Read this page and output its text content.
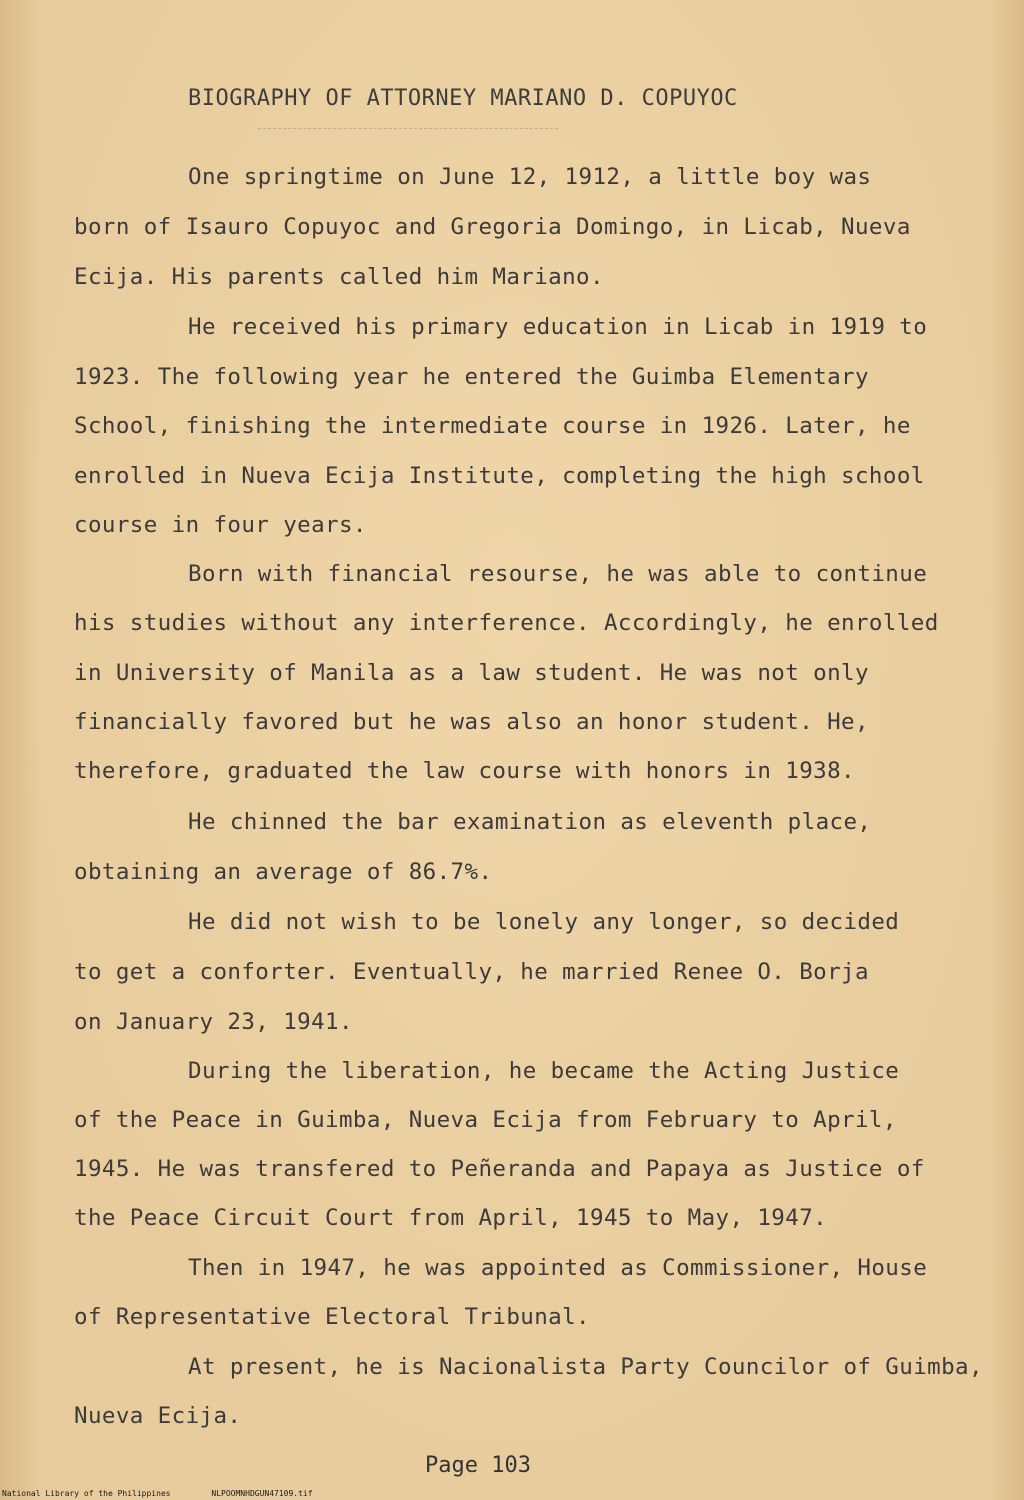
BIOGRAPHY OF ATTORNEY MARIANO D. COPUYOC
One springtime on June 12, 1912, a little boy was
born of Isauro Copuyoc and Gregoria Domingo, in Licab, Nueva
Ecija. His parents called him Mariano.
He received his primary education in Licab in 1919 to
1923. The following year he entered the Guimba Elementary
School, finishing the intermediate course in 1926. Later, he
enrolled in Nueva Ecija Institute, completing the high school
course in four years.
Born with financial resourse, he was able to continue
his studies without any interference. Accordingly, he enrolled
in University of Manila as a law student. He was not only
financially favored but he was also an honor student. He,
therefore, graduated the law course with honors in 1938.
He chinned the bar examination as eleventh place,
obtaining an average of 86.7%.
He did not wish to be lonely any longer, so decided
to get a conforter. Eventually, he married Renee O. Borja
on January 23, 1941.
During the liberation, he became the Acting Justice
of the Peace in Guimba, Nueva Ecija from February to April,
1945. He was transfered to Peñeranda and Papaya as Justice of
the Peace Circuit Court from April, 1945 to May, 1947.
Then in 1947, he was appointed as Commissioner, House
of Representative Electoral Tribunal.
At present, he is Nacionalista Party Councilor of Guimba,
Nueva Ecija.
Page 103
National Library of the Philippines	NLPOOMNHDGUN47109.tif
